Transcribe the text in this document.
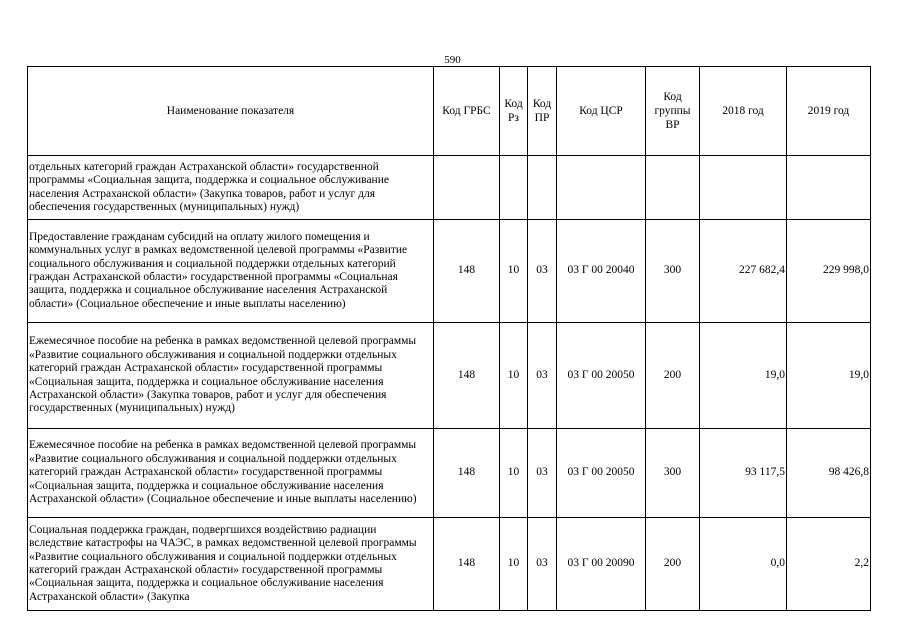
590
Наименование показателя	Код ГРБС	Код Рз	Код ПР	Код ЦСР	Код группы ВР	2018 год	2019 год
отдельных категорий граждан Астраханской области» государственной программы «Социальная защита, поддержка и социальное обслуживание населения Астраханской области» (Закупка товаров, работ и услуг для обеспечения государственных (муниципальных) нужд)							
Предоставление гражданам субсидий на оплату жилого помещения и коммунальных услуг в рамках ведомственной целевой программы «Развитие социального обслуживания и социальной поддержки отдельных категорий граждан Астраханской области» государственной программы «Социальная защита, поддержка и социальное обслуживание населения Астраханской области» (Социальное обеспечение и иные выплаты населению)	148	10	03	03 Г 00 20040	300	227 682,4	229 998,0
Ежемесячное пособие на ребенка в рамках ведомственной целевой программы «Развитие социального обслуживания и социальной поддержки отдельных категорий граждан Астраханской области» государственной программы «Социальная защита, поддержка и социальное обслуживание населения Астраханской области» (Закупка товаров, работ и услуг для обеспечения государственных (муниципальных) нужд)	148	10	03	03 Г 00 20050	200	19,0	19,0
Ежемесячное пособие на ребенка в рамках ведомственной целевой программы «Развитие социального обслуживания и социальной поддержки отдельных категорий граждан Астраханской области» государственной программы «Социальная защита, поддержка и социальное обслуживание населения Астраханской области» (Социальное обеспечение и иные выплаты населению)	148	10	03	03 Г 00 20050	300	93 117,5	98 426,8
Социальная поддержка граждан, подвергшихся воздействию радиации вследствие катастрофы на ЧАЭС, в рамках ведомственной целевой программы «Развитие социального обслуживания и социальной поддержки отдельных категорий граждан Астраханской области» государственной программы «Социальная защита, поддержка и социальное обслуживание населения Астраханской области» (Закупка	148	10	03	03 Г 00 20090	200	0,0	2,2
